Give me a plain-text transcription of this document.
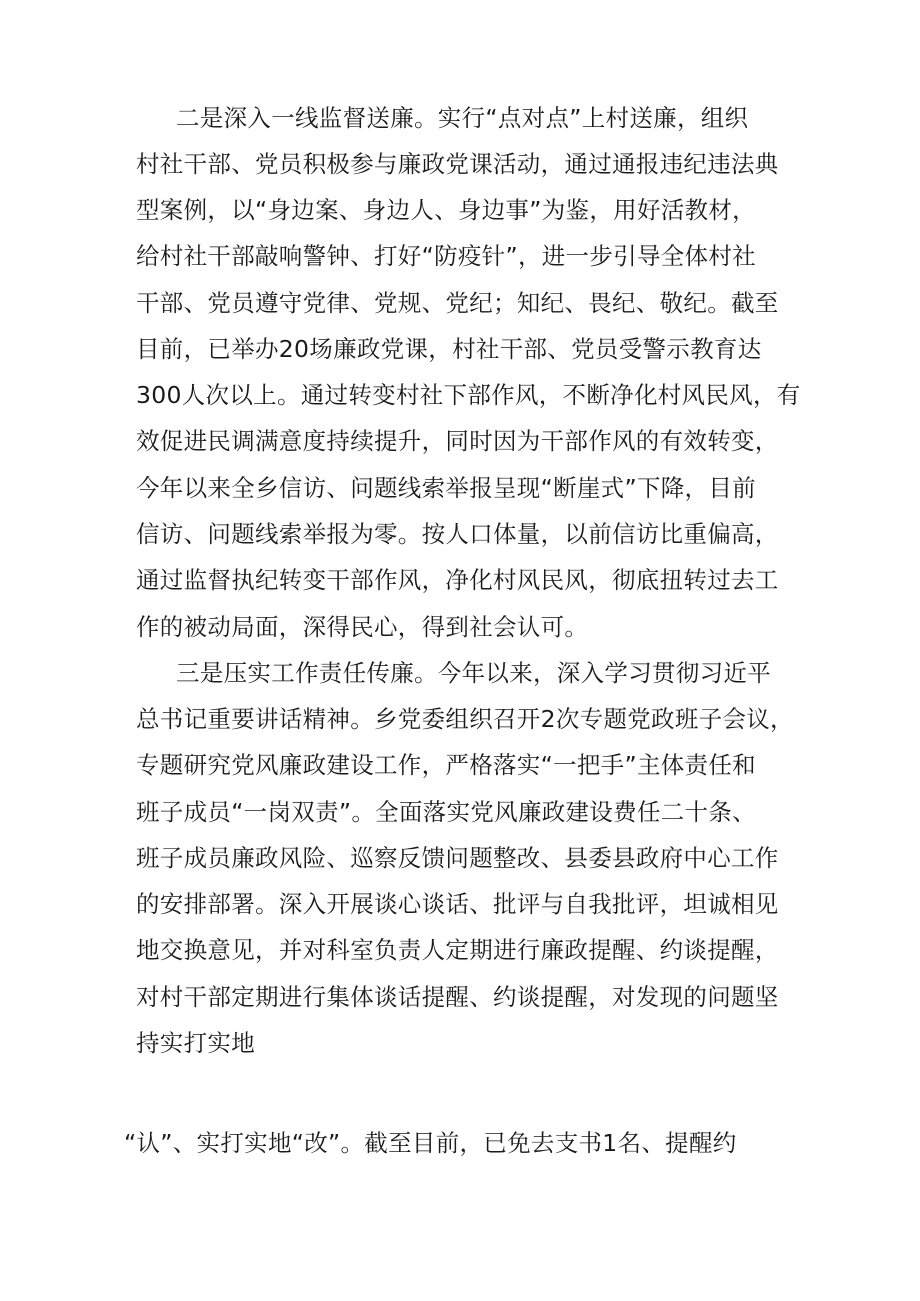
二是深入一线监督送廉。实行“点对点”上村送廉，组织
村社干部、党员积极参与廉政党课活动，通过通报违纪违法典
型案例，以“身边案、身边人、身边事”为鉴，用好活教材，
给村社干部敲响警钟、打好“防疫针”，进一步引导全体村社
干部、党员遵守党律、党规、党纪；知纪、畏纪、敬纪。截至
目前，已举办20场廉政党课，村社干部、党员受警示教育达
300人次以上。通过转变村社下部作风，不断净化村风民风，有
效促进民调满意度持续提升，同时因为干部作风的有效转变，
今年以来全乡信访、问题线索举报呈现“断崖式”下降，目前
信访、问题线索举报为零。按人口体量，以前信访比重偏高，
通过监督执纪转变干部作风，净化村风民风，彻底扭转过去工
作的被动局面，深得民心，得到社会认可。
三是压实工作责任传廉。今年以来，深入学习贯彻习近平
总书记重要讲话精神。乡党委组织召开2次专题党政班子会议，
专题研究党风廉政建设工作，严格落实“一把手”主体责任和
班子成员“一岗双责”。全面落实党风廉政建设费任二十条、
班子成员廉政风险、巡察反馈问题整改、县委县政府中心工作
的安排部署。深入开展谈心谈话、批评与自我批评，坦诚相见
地交换意见，并对科室负责人定期进行廉政提醒、约谈提醒，
对村干部定期进行集体谈话提醒、约谈提醒，对发现的问题坚
持实打实地
“认”、实打实地“改”。截至目前，已免去支书1名、提醒约
